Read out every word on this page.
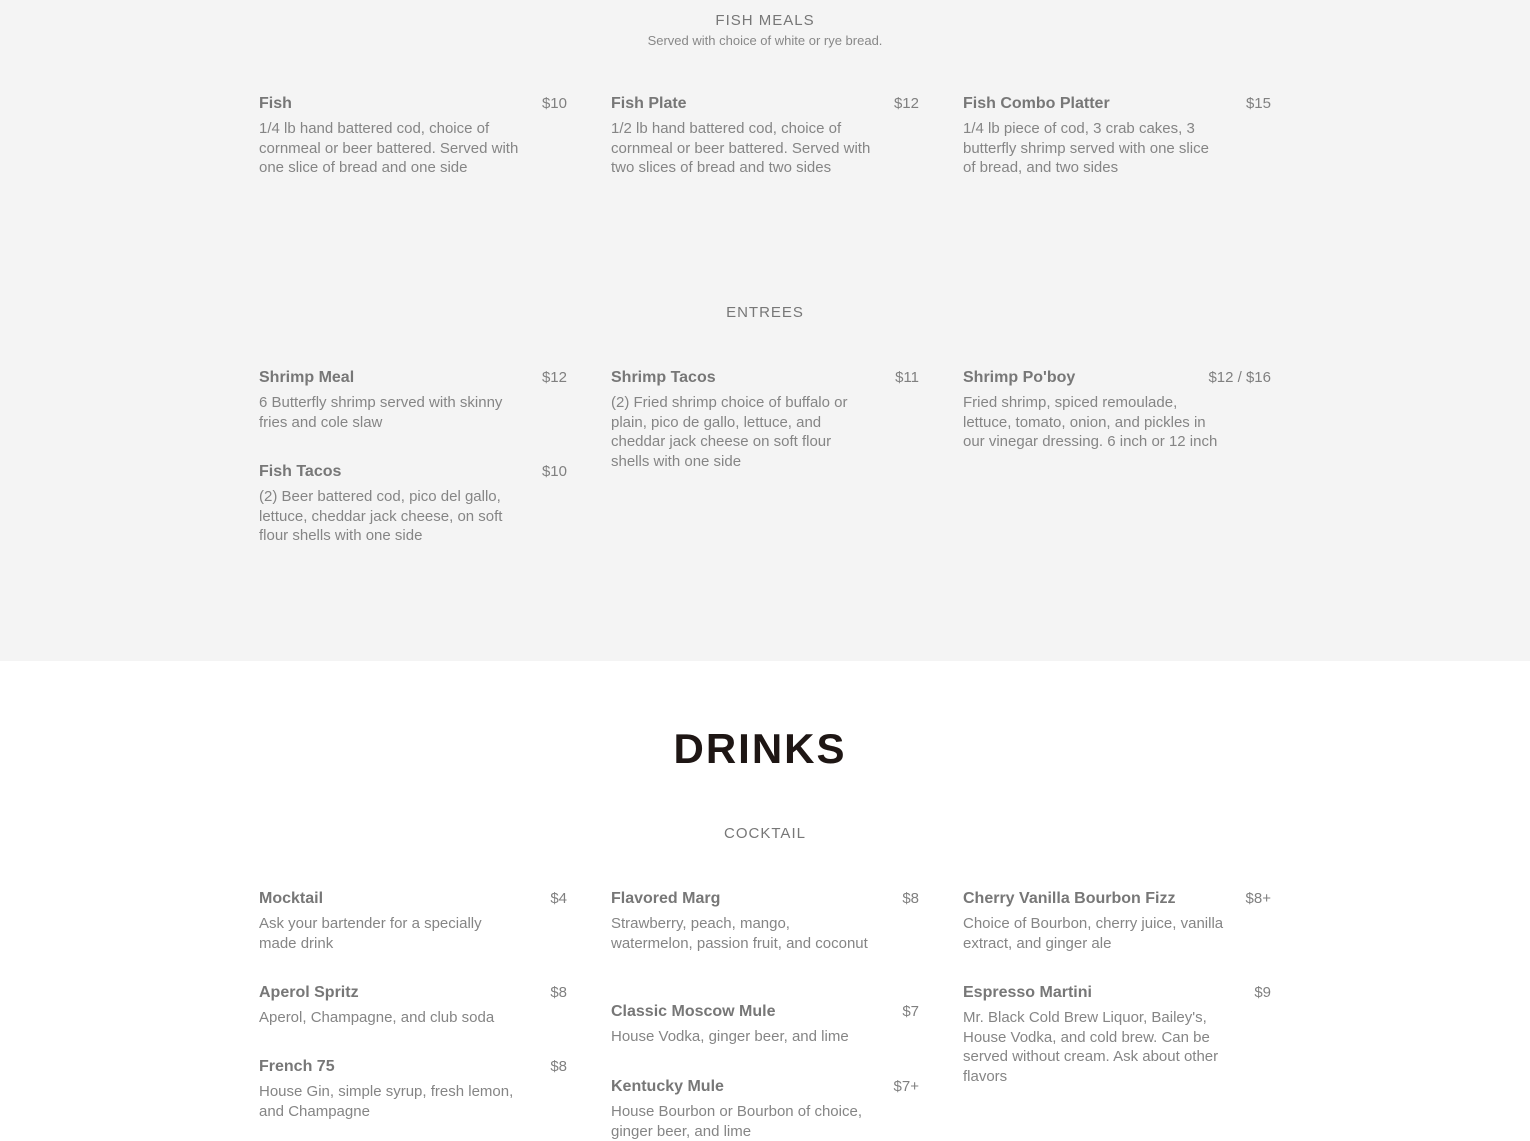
FISH MEALS
Served with choice of white or rye bread.
Fish	$10
1/4 lb hand battered cod, choice of cornmeal or beer battered. Served with one slice of bread and one side
Fish Plate	$12
1/2 lb hand battered cod, choice of cornmeal or beer battered. Served with two slices of bread and two sides
Fish Combo Platter	$15
1/4 lb piece of cod, 3 crab cakes, 3 butterfly shrimp served with one slice of bread, and two sides
ENTREES
Shrimp Meal	$12
6 Butterfly shrimp served with skinny fries and cole slaw
Shrimp Tacos	$11
(2) Fried shrimp choice of buffalo or plain, pico de gallo, lettuce, and cheddar jack cheese on soft flour shells with one side
Shrimp Po'boy	$12 / $16
Fried shrimp, spiced remoulade, lettuce, tomato, onion, and pickles in our vinegar dressing. 6 inch or 12 inch
Fish Tacos	$10
(2) Beer battered cod, pico del gallo, lettuce, cheddar jack cheese, on soft flour shells with one side
DRINKS
COCKTAIL
Mocktail	$4
Ask your bartender for a specially made drink
Flavored Marg	$8
Strawberry, peach, mango, watermelon, passion fruit, and coconut
Cherry Vanilla Bourbon Fizz	$8+
Choice of Bourbon, cherry juice, vanilla extract, and ginger ale
Aperol Spritz	$8
Aperol, Champagne, and club soda	Classic Moscow Mule	$7
House Vodka, ginger beer, and lime
Espresso Martini	$9
Mr. Black Cold Brew Liquor, Bailey's, House Vodka, and cold brew. Can be served without cream. Ask about other flavors
French 75	$8
House Gin, simple syrup, fresh lemon, and Champagne
Kentucky Mule	$7+
House Bourbon or Bourbon of choice, ginger beer, and lime
